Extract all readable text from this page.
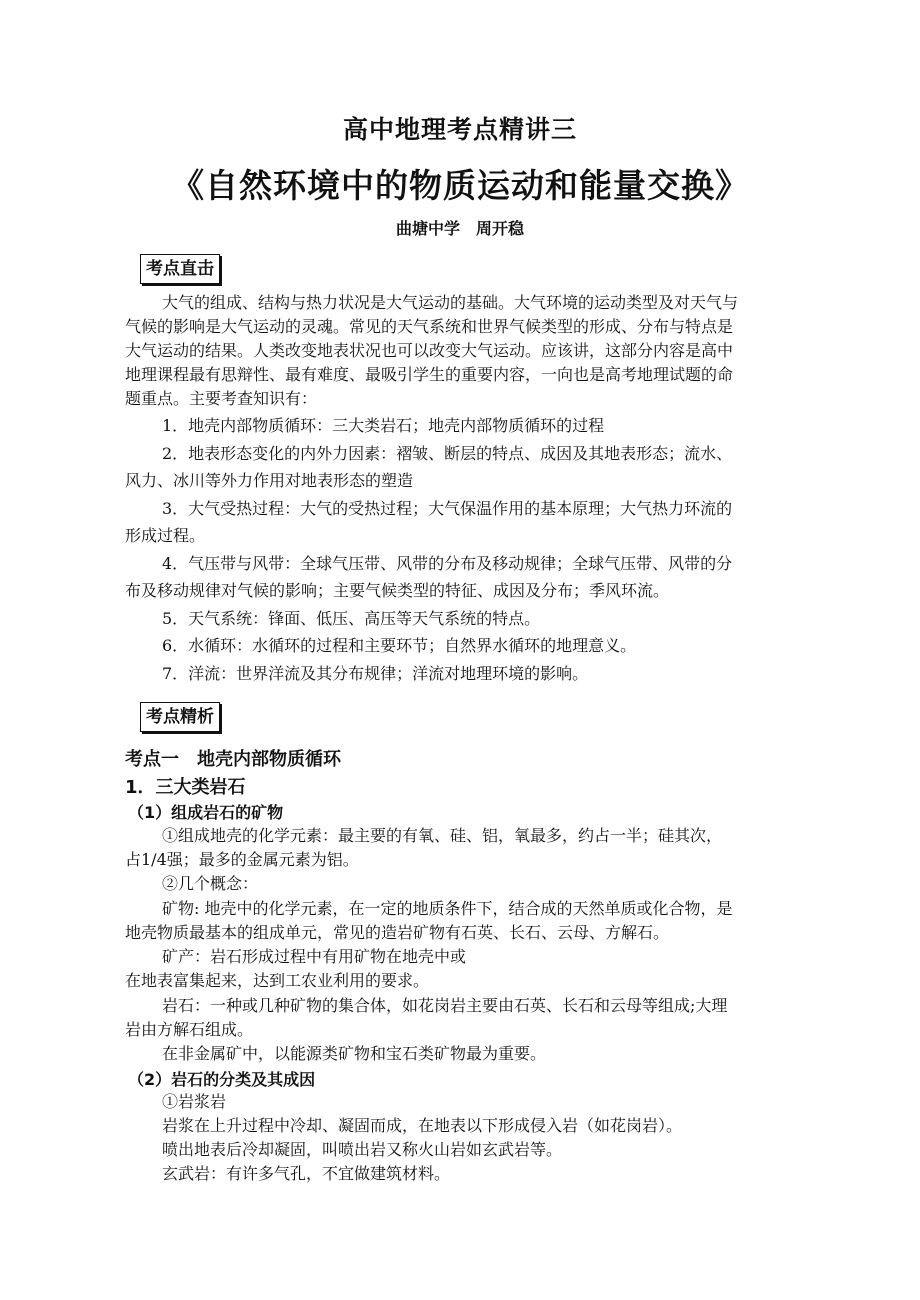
高中地理考点精讲三
《自然环境中的物质运动和能量交换》
曲塘中学　周开稳
考点直击
大气的组成、结构与热力状况是大气运动的基础。大气环境的运动类型及对天气与
气候的影响是大气运动的灵魂。常见的天气系统和世界气候类型的形成、分布与特点是
大气运动的结果。人类改变地表状况也可以改变大气运动。应该讲，这部分内容是高中
地理课程最有思辩性、最有难度、最吸引学生的重要内容，一向也是高考地理试题的命
题重点。主要考查知识有：
1．地壳内部物质循环：三大类岩石；地壳内部物质循环的过程
2．地表形态变化的内外力因素：褶皱、断层的特点、成因及其地表形态；流水、
风力、冰川等外力作用对地表形态的塑造
3．大气受热过程：大气的受热过程；大气保温作用的基本原理；大气热力环流的
形成过程。
4．气压带与风带：全球气压带、风带的分布及移动规律；全球气压带、风带的分
布及移动规律对气候的影响；主要气候类型的特征、成因及分布；季风环流。
5．天气系统：锋面、低压、高压等天气系统的特点。
6．水循环：水循环的过程和主要环节；自然界水循环的地理意义。
7．洋流：世界洋流及其分布规律；洋流对地理环境的影响。
考点精析
考点一　地壳内部物质循环
1．三大类岩石
（1）组成岩石的矿物
①组成地壳的化学元素：最主要的有氧、硅、铝，氧最多，约占一半；硅其次，
占1/4强；最多的金属元素为铝。
②几个概念：
矿物: 地壳中的化学元素，在一定的地质条件下，结合成的天然单质或化合物，是
地壳物质最基本的组成单元，常见的造岩矿物有石英、长石、云母、方解石。
矿产：岩石形成过程中有用矿物在地壳中或
在地表富集起来，达到工农业利用的要求。
岩石：一种或几种矿物的集合体，如花岗岩主要由石英、长石和云母等组成;大理
岩由方解石组成。
在非金属矿中，以能源类矿物和宝石类矿物最为重要。
（2）岩石的分类及其成因
①岩浆岩
岩浆在上升过程中冷却、凝固而成，在地表以下形成侵入岩（如花岗岩）。
喷出地表后冷却凝固，叫喷出岩又称火山岩如玄武岩等。
玄武岩：有许多气孔，不宜做建筑材料。
